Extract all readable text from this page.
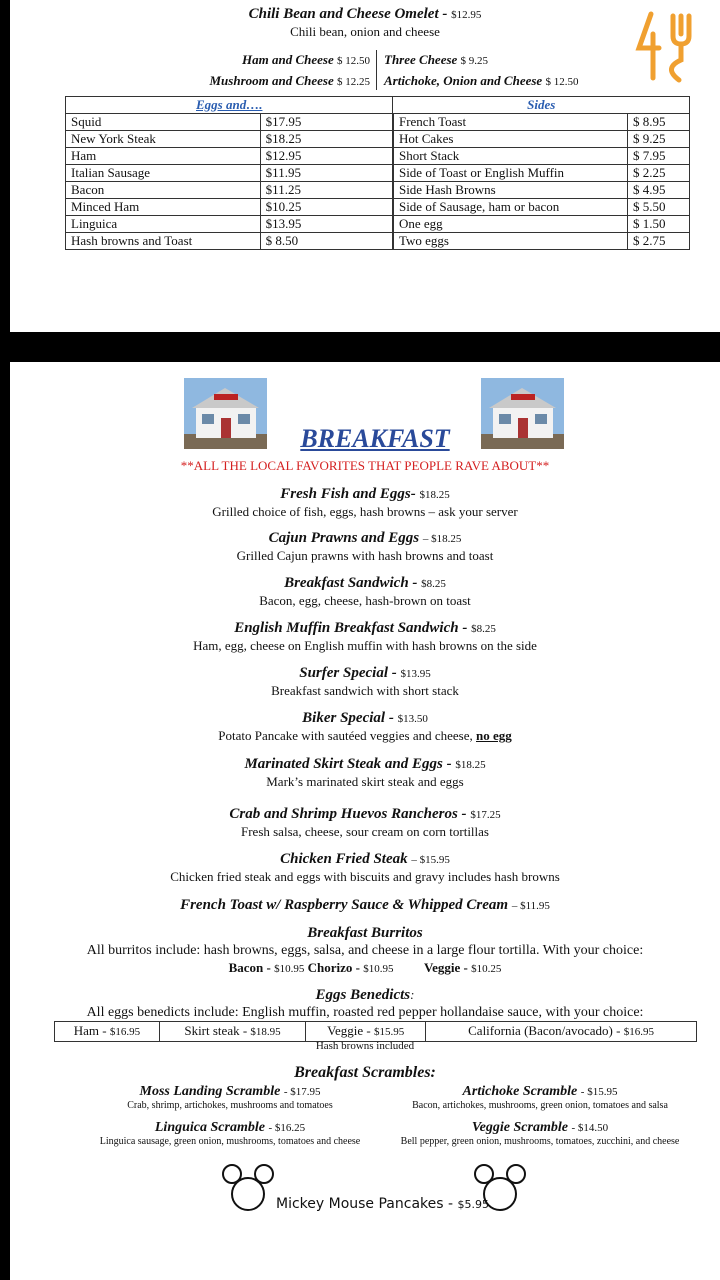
Chili Bean and Cheese Omelet - $12.95
Chili bean, onion and cheese
Ham and Cheese $ 12.50 Three Cheese $ 9.25
Mushroom and Cheese $ 12.25 Artichoke, Onion and Cheese $ 12.50
Eggs and….		Sides	
Squid	$17.95	French Toast	$ 8.95
New York Steak	$18.25	Hot Cakes	$ 9.25
Ham	$12.95	Short Stack	$ 7.95
Italian Sausage	$11.95	Side of Toast or English Muffin	$ 2.25
Bacon	$11.25	Side Hash Browns	$ 4.95
Minced Ham	$10.25	Side of Sausage, ham or bacon	$ 5.50
Linguica	$13.95	One egg	$ 1.50
Hash browns and Toast	$ 8.50	Two eggs	$ 2.75
BREAKFAST
**ALL THE LOCAL FAVORITES THAT PEOPLE RAVE ABOUT**
Fresh Fish and Eggs- $18.25
Grilled choice of fish, eggs, hash browns – ask your server
Cajun Prawns and Eggs – $18.25
Grilled Cajun prawns with hash browns and toast
Breakfast Sandwich - $8.25
Bacon, egg, cheese, hash-brown on toast
English Muffin Breakfast Sandwich - $8.25
Ham, egg, cheese on English muffin with hash browns on the side
Surfer Special - $13.95
Breakfast sandwich with short stack
Biker Special - $13.50
Potato Pancake with sautéed veggies and cheese, no egg
Marinated Skirt Steak and Eggs - $18.25
Mark’s marinated skirt steak and eggs
Crab and Shrimp Huevos Rancheros - $17.25
Fresh salsa, cheese, sour cream on corn tortillas
Chicken Fried Steak – $15.95
Chicken fried steak and eggs with biscuits and gravy includes hash browns
French Toast w/ Raspberry Sauce & Whipped Cream – $11.95
Breakfast Burritos
All burritos include: hash browns, eggs, salsa, and cheese in a large flour tortilla. With your choice:
Bacon - $10.95 Chorizo - $10.95 Veggie - $10.25
Eggs Benedicts:
All eggs benedicts include: English muffin, roasted red pepper hollandaise sauce, with your choice:
Ham - $16.95	Skirt steak - $18.95	Veggie - $15.95	California (Bacon/avocado) - $16.95
Hash browns included
Breakfast Scrambles:
Moss Landing Scramble - $17.95
Crab, shrimp, artichokes, mushrooms and tomatoes
Artichoke Scramble - $15.95
Bacon, artichokes, mushrooms, green onion, tomatoes and salsa
Linguica Scramble - $16.25
Linguica sausage, green onion, mushrooms, tomatoes and cheese
Veggie Scramble - $14.50
Bell pepper, green onion, mushrooms, tomatoes, zucchini, and cheese
Mickey Mouse Pancakes - $5.95
